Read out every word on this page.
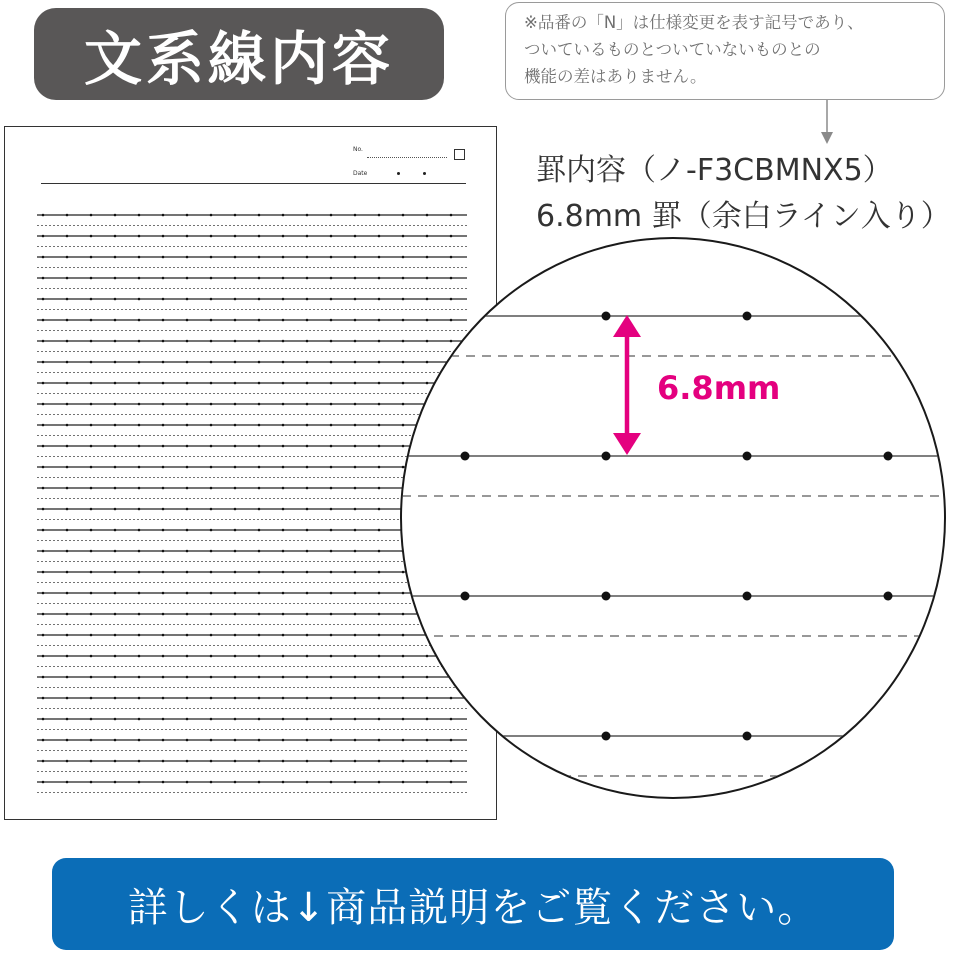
文系線内容
※品番の「N」は仕様変更を表す記号であり、
ついているものとついていないものとの
機能の差はありません。
罫内容（ノ-F3CBMNX5）
6.8mm 罫（余白ライン入り）
No.
Date
6.8mm
詳しくは↓商品説明をご覧ください。
